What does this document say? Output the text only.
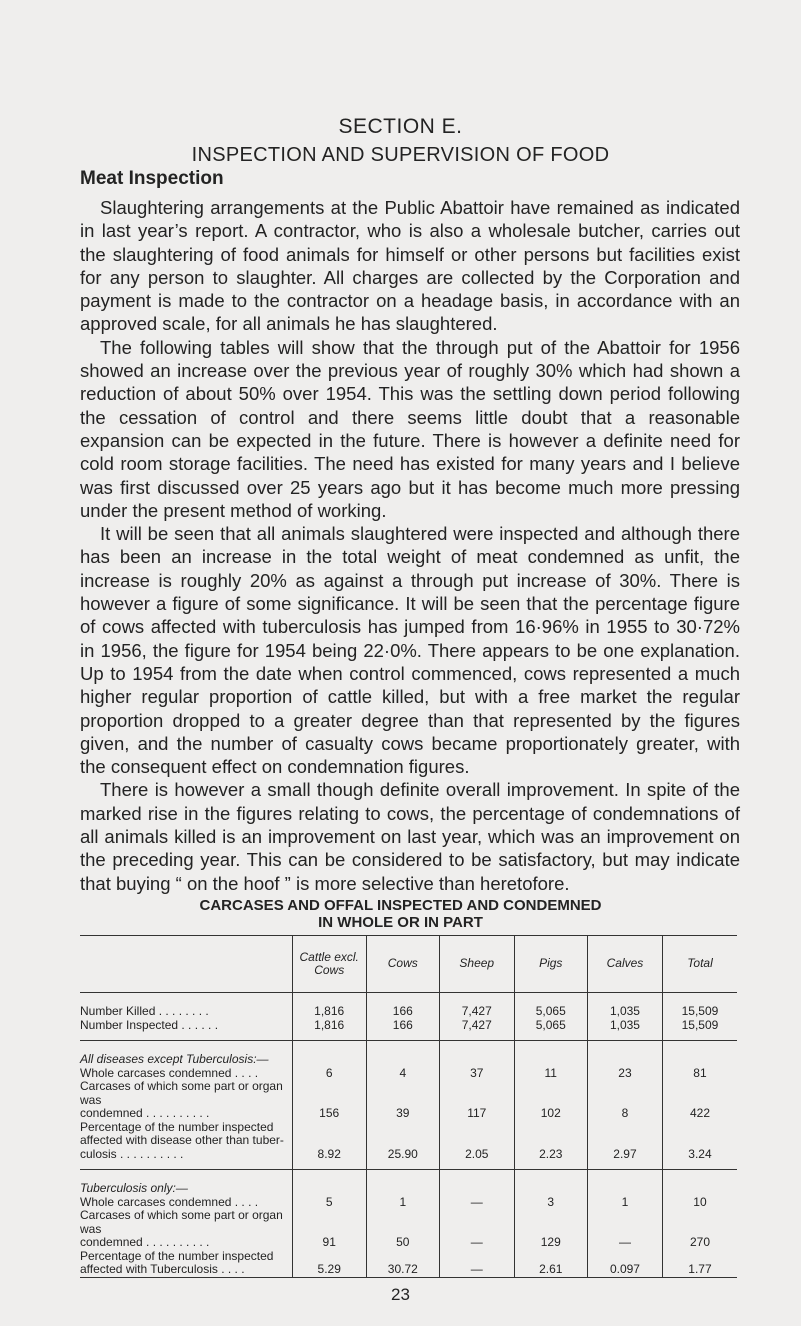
SECTION E.
INSPECTION AND SUPERVISION OF FOOD
Meat Inspection

Slaughtering arrangements at the Public Abattoir have remained as indicated in last year’s report. A contractor, who is also a wholesale butcher, carries out the slaughtering of food animals for himself or other persons but facilities exist for any person to slaughter. All charges are collected by the Corporation and payment is made to the contractor on a headage basis, in accordance with an approved scale, for all animals he has slaughtered.

The following tables will show that the through put of the Abattoir for 1956 showed an increase over the previous year of roughly 30% which had shown a reduction of about 50% over 1954. This was the settling down period following the cessation of control and there seems little doubt that a reasonable expansion can be expected in the future. There is however a definite need for cold room storage facilities. The need has existed for many years and I believe was first discussed over 25 years ago but it has become much more pressing under the present method of working.

It will be seen that all animals slaughtered were inspected and although there has been an increase in the total weight of meat condemned as unfit, the increase is roughly 20% as against a through put increase of 30%. There is however a figure of some significance. It will be seen that the percentage figure of cows affected with tuberculosis has jumped from 16·96% in 1955 to 30·72% in 1956, the figure for 1954 being 22·0%. There appears to be one explanation. Up to 1954 from the date when control commenced, cows represented a much higher regular proportion of cattle killed, but with a free market the regular proportion dropped to a greater degree than that represented by the figures given, and the number of casualty cows became proportionately greater, with the consequent effect on condemnation figures.

There is however a small though definite overall improvement. In spite of the marked rise in the figures relating to cows, the percentage of condemnations of all animals killed is an improvement on last year, which was an improvement on the preceding year. This can be considered to be satisfactory, but may indicate that buying “ on the hoof ” is more selective than heretofore.

CARCASES AND OFFAL INSPECTED AND CONDEMNED
IN WHOLE OR IN PART
	Cattle excl. Cows	Cows	Sheep	Pigs	Calves	Total

Number Killed . . . . . . . .	1,816	166	7,427	5,065	1,035	15,509

Number Inspected . . . . . .	1,816	166	7,427	5,065	1,035	15,509

All diseases except Tuberculosis:—						

Whole carcases condemned . . . .	6	4	37	11	23	81

Carcases of which some part or organ was
condemned . . . . . . . . . .	156	39	117	102	8	422

Percentage of the number inspected
affected with disease other than tuber-
culosis . . . . . . . . . .	8.92	25.90	2.05	2.23	2.97	3.24

Tuberculosis only:—						

Whole carcases condemned . . . .	5	1	—	3	1	10

Carcases of which some part or organ was
condemned . . . . . . . . . .	91	50	—	129	—	270

Percentage of the number inspected
affected with Tuberculosis . . . .	5.29	30.72	—	2.61	0.097	1.77
23
